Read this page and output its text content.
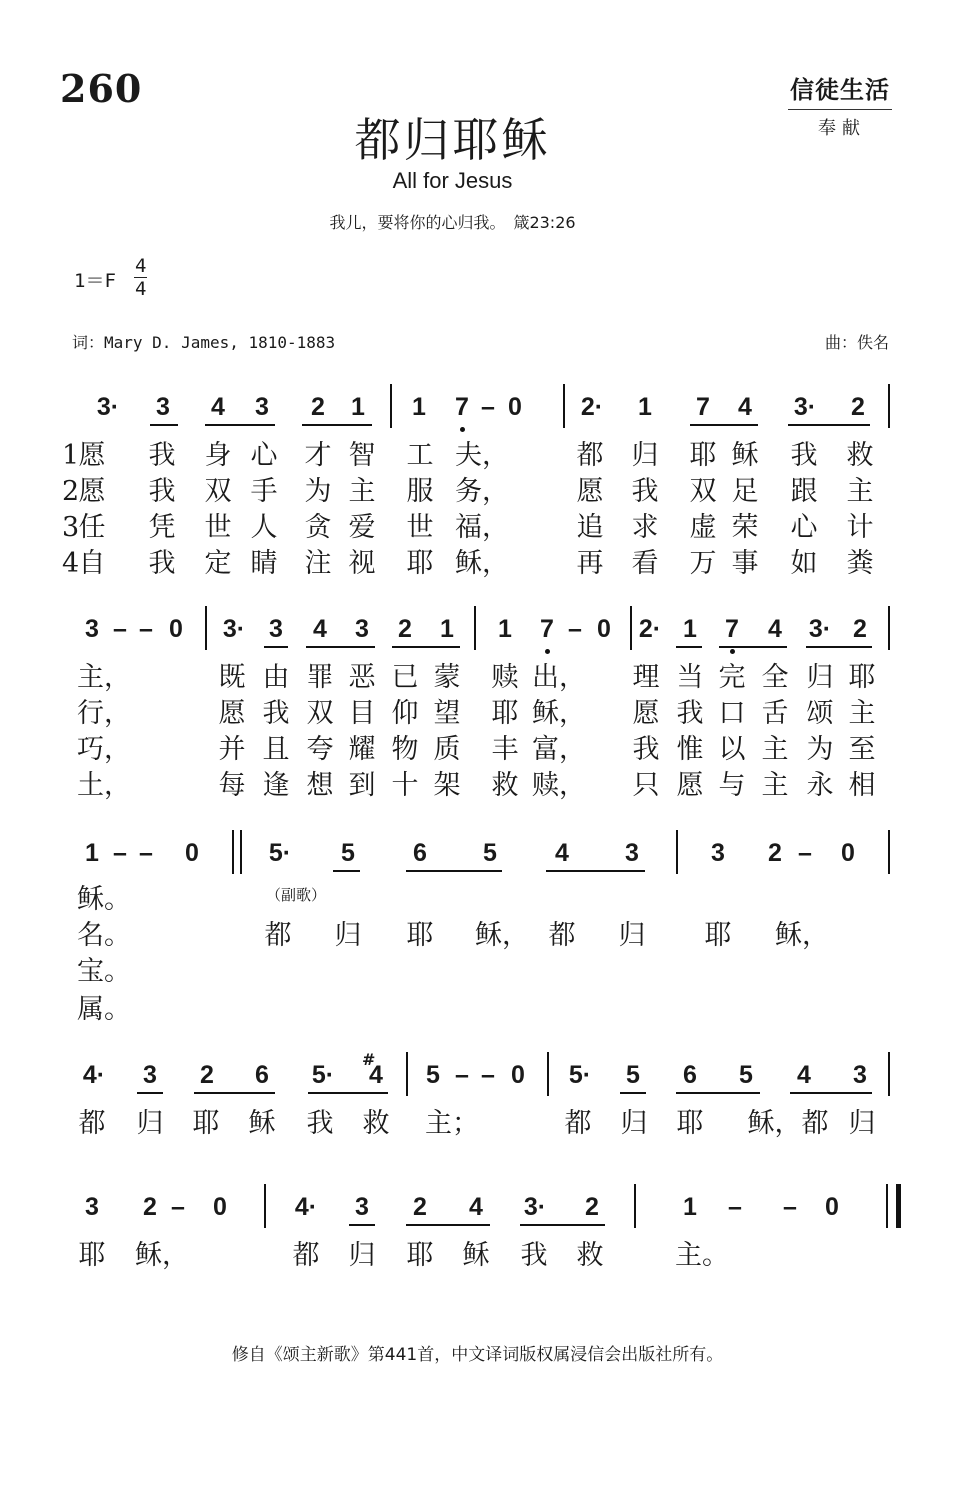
260	信徒生活
奉献
都归耶稣
All for Jesus
我儿，要将你的心归我。　箴23:26
1＝F
4
4
词：Mary D. James, 1810-1883	曲：佚名
3· 3 4 3 2 1 1 7 – 0 2· 1 7 4 3· 2
1 愿 我 身 心 才 智 工 夫，	都 归 耶 稣 我 救
2 愿 我 双 手 为 主 服 务，	愿 我 双 足 跟 主
3 任 凭 世 人 贪 爱 世 福，	追 求 虚 荣 心 计
4 自 我 定 睛 注 视 耶 稣，	再 看 万 事 如 粪
3 – – 0 3· 3 4 3 2 1 1 7 – 0 2· 1 7 4 3· 2
主，	既 由 罪 恶 已 蒙 赎 出， 理 当 完 全 归 耶
行，	愿 我 双 目 仰 望 耶 稣， 愿 我 口 舌 颂 主
巧，	并 且 夸 耀 物 质 丰 富， 我 惟 以 主 为 至
土，	每 逢 想 到 十 架 救 赎， 只 愿 与 主 永 相
1 – – 0	5· 5 6 5 4 3	3 2 – 0
（副歌）
稣。
名。	都 归 耶 稣， 都 归 耶 稣，
宝。
属。
4· 3 2 6 5· 4 5 – – 0 5· 5 6 5 4 3
#
都 归 耶 稣 我 救 主；	都 归 耶 稣，都 归
3 2 – 0	4· 3 2 4 3· 2	1 – – 0
耶 稣，	都 归 耶 稣 我 救	主。
修自《颂主新歌》第441首，中文译词版权属浸信会出版社所有。
